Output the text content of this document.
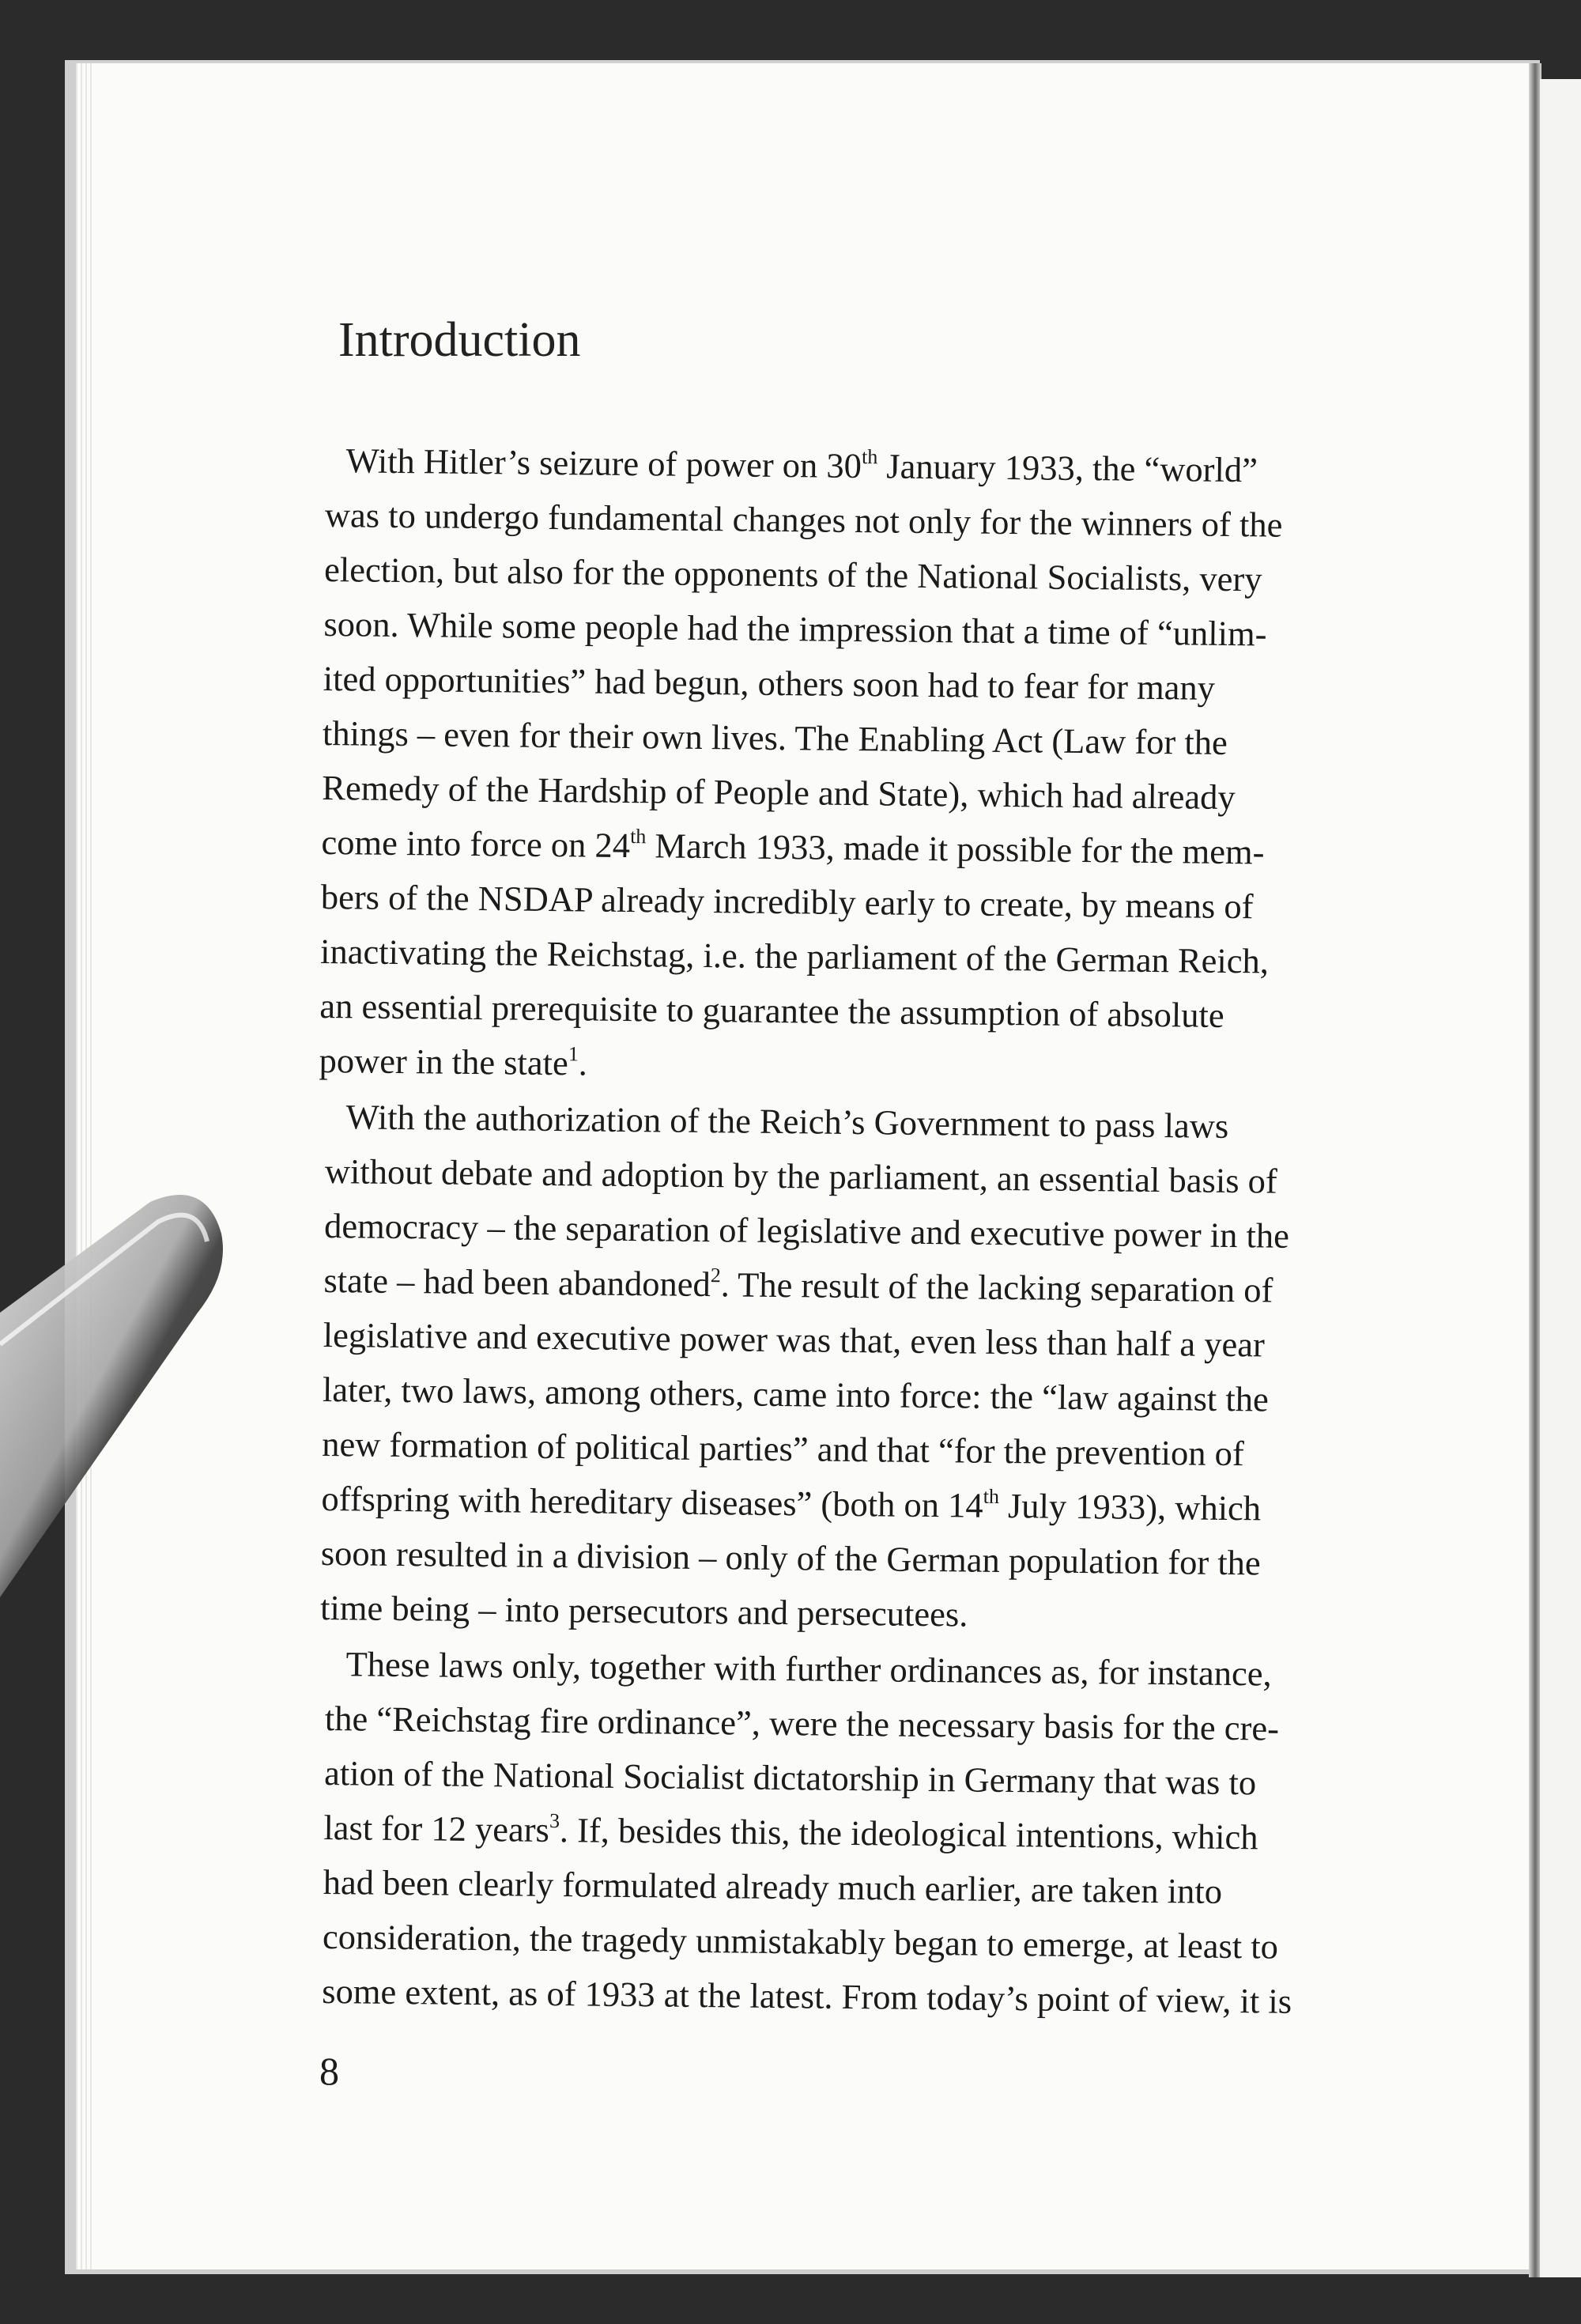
Introduction

With Hitler’s seizure of power on 30th January 1933, the “world”
was to undergo fundamental changes not only for the winners of the
election, but also for the opponents of the National Socialists, very
soon. While some people had the impression that a time of “unlim-
ited opportunities” had begun, others soon had to fear for many
things – even for their own lives. The Enabling Act (Law for the
Remedy of the Hardship of People and State), which had already
come into force on 24th March 1933, made it possible for the mem-
bers of the NSDAP already incredibly early to create, by means of
inactivating the Reichstag, i.e. the parliament of the German Reich,
an essential prerequisite to guarantee the assumption of absolute
power in the state$^1$.

With the authorization of the Reich’s Government to pass laws
without debate and adoption by the parliament, an essential basis of
democracy – the separation of legislative and executive power in the
state – had been abandoned$^2$. The result of the lacking separation of
legislative and executive power was that, even less than half a year
later, two laws, among others, came into force: the “law against the
new formation of political parties” and that “for the prevention of
offspring with hereditary diseases” (both on 14th July 1933), which
soon resulted in a division – only of the German population for the
time being – into persecutors and persecutees.

These laws only, together with further ordinances as, for instance,
the “Reichstag fire ordinance”, were the necessary basis for the cre-
ation of the National Socialist dictatorship in Germany that was to
last for 12 years$^3$. If, besides this, the ideological intentions, which
had been clearly formulated already much earlier, are taken into
consideration, the tragedy unmistakably began to emerge, at least to
some extent, as of 1933 at the latest. From today’s point of view, it is

8
